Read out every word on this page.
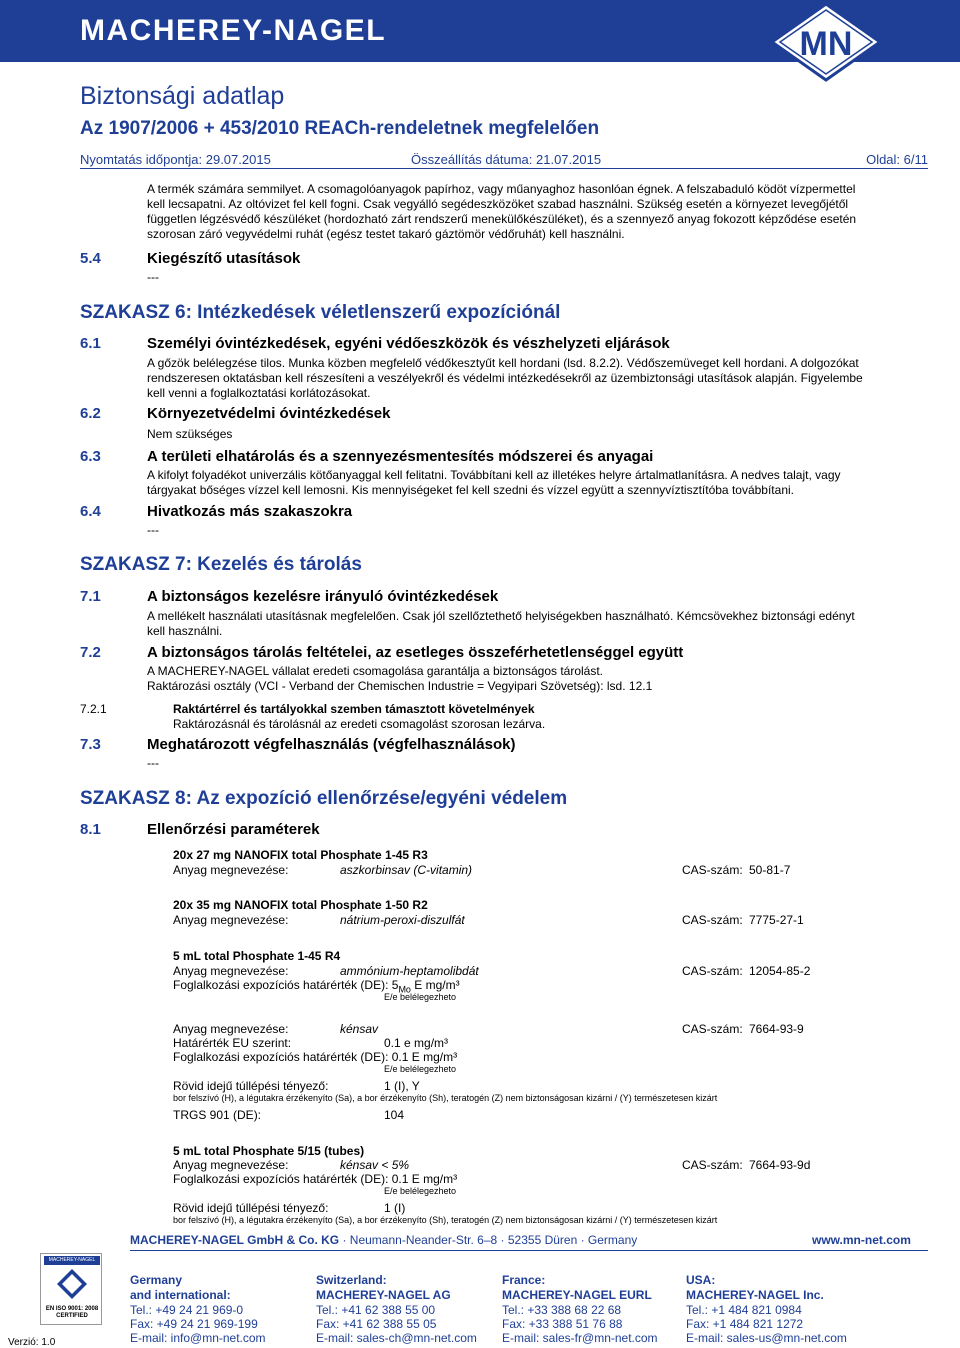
MACHEREY-NAGEL	MN
Biztonsági adatlap
Az 1907/2006 + 453/2010 REACh-rendeletnek megfelelően
Nyomtatás időpontja: 29.07.2015	Összeállítás dátuma: 21.07.2015	Oldal: 6/11
A termék számára semmilyet. A csomagolóanyagok papírhoz, vagy műanyaghoz hasonlóan égnek. A felszabaduló ködöt vízpermettel
kell lecsapatni. Az oltóvizet fel kell fogni. Csak vegyálló segédeszközöket szabad használni. Szükség esetén a környezet levegőjétől
független légzésvédő készüléket (hordozható zárt rendszerű menekülőkészüléket), és a szennyező anyag fokozott képződése esetén
szorosan záró vegyvédelmi ruhát (egész testet takaró gáztömör védőruhát) kell használni.
5.4	Kiegészítő utasítások
---
SZAKASZ 6: Intézkedések véletlenszerű expozíciónál
6.1	Személyi óvintézkedések, egyéni védőeszközök és vészhelyzeti eljárások
A gőzök belélegzése tilos. Munka közben megfelelő védőkesztyűt kell hordani (lsd. 8.2.2). Védőszemüveget kell hordani. A dolgozókat
rendszeresen oktatásban kell részesíteni a veszélyekről és védelmi intézkedésekről az üzembiztonsági utasítások alapján. Figyelembe
kell venni a foglalkoztatási korlátozásokat.
6.2	Környezetvédelmi óvintézkedések
Nem szükséges
6.3	A területi elhatárolás és a szennyezésmentesítés módszerei és anyagai
A kifolyt folyadékot univerzális kötőanyaggal kell felitatni. Továbbítani kell az illetékes helyre ártalmatlanításra. A nedves talajt, vagy
tárgyakat bőséges vízzel kell lemosni. Kis mennyiségeket fel kell szedni és vízzel együtt a szennyvíztisztítóba továbbítani.
6.4	Hivatkozás más szakaszokra
---
SZAKASZ 7: Kezelés és tárolás
7.1	A biztonságos kezelésre irányuló óvintézkedések
A mellékelt használati utasításnak megfelelően. Csak jól szellőztethető helyiségekben használható. Kémcsövekhez biztonsági edényt
kell használni.
7.2	A biztonságos tárolás feltételei, az esetleges összeférhetetlenséggel együtt
A MACHEREY-NAGEL vállalat eredeti csomagolása garantálja a biztonságos tárolást.
Raktározási osztály (VCI - Verband der Chemischen Industrie = Vegyipari Szövetség): lsd. 12.1
7.2.1	Raktártérrel és tartályokkal szemben támasztott követelmények
Raktározásnál és tárolásnál az eredeti csomagolást szorosan lezárva.
7.3	Meghatározott végfelhasználás (végfelhasználások)
---
SZAKASZ 8: Az expozíció ellenőrzése/egyéni védelem
8.1	Ellenőrzési paraméterek
20x 27 mg NANOFIX total Phosphate 1-45 R3
Anyag megnevezése:	aszkorbinsav (C-vitamin)	CAS-szám: 50-81-7
20x 35 mg NANOFIX total Phosphate 1-50 R2
Anyag megnevezése:	nátrium-peroxi-diszulfát	CAS-szám: 7775-27-1
5 mL total Phosphate 1-45 R4
Anyag megnevezése:	ammónium-heptamolibdát	CAS-szám: 12054-85-2
Foglalkozási expozíciós határérték (DE): $5_{Mo}$ E mg/m³
E/e belélegezheto
Anyag megnevezése:	kénsav	CAS-szám: 7664-93-9
Határérték EU szerint:	0.1 e mg/m³
Foglalkozási expozíciós határérték (DE): 0.1 E mg/m³
E/e belélegezheto
Rövid idejű túllépési tényező:	1 (I), Y
bor felszívó (H), a légutakra érzékenyíto (Sa), a bor érzékenyíto (Sh), teratogén (Z) nem biztonságosan kizárni / (Y) természetesen kizárt
TRGS 901 (DE):	104
5 mL total Phosphate 5/15 (tubes)
Anyag megnevezése:	kénsav < 5%	CAS-szám: 7664-93-9d
Foglalkozási expozíciós határérték (DE): 0.1 E mg/m³
E/e belélegezheto
Rövid idejű túllépési tényező:	1 (I)
bor felszívó (H), a légutakra érzékenyíto (Sa), a bor érzékenyíto (Sh), teratogén (Z) nem biztonságosan kizárni / (Y) természetesen kizárt
MACHEREY-NAGEL
EN ISO 9001: 2008 CERTIFIED
MACHEREY-NAGEL GmbH & Co. KG · Neumann-Neander-Str. 6–8 · 52355 Düren · Germany	www.mn-net.com
Germany
and international:
Tel.: +49 24 21 969-0
Fax: +49 24 21 969-199
E-mail: info@mn-net.com
Switzerland:
MACHEREY-NAGEL AG
Tel.: +41 62 388 55 00
Fax: +41 62 388 55 05
E-mail: sales-ch@mn-net.com
France:
MACHEREY-NAGEL EURL
Tel.: +33 388 68 22 68
Fax: +33 388 51 76 88
E-mail: sales-fr@mn-net.com
USA:
MACHEREY-NAGEL Inc.
Tel.: +1 484 821 0984
Fax: +1 484 821 1272
E-mail: sales-us@mn-net.com
Verzió: 1.0
